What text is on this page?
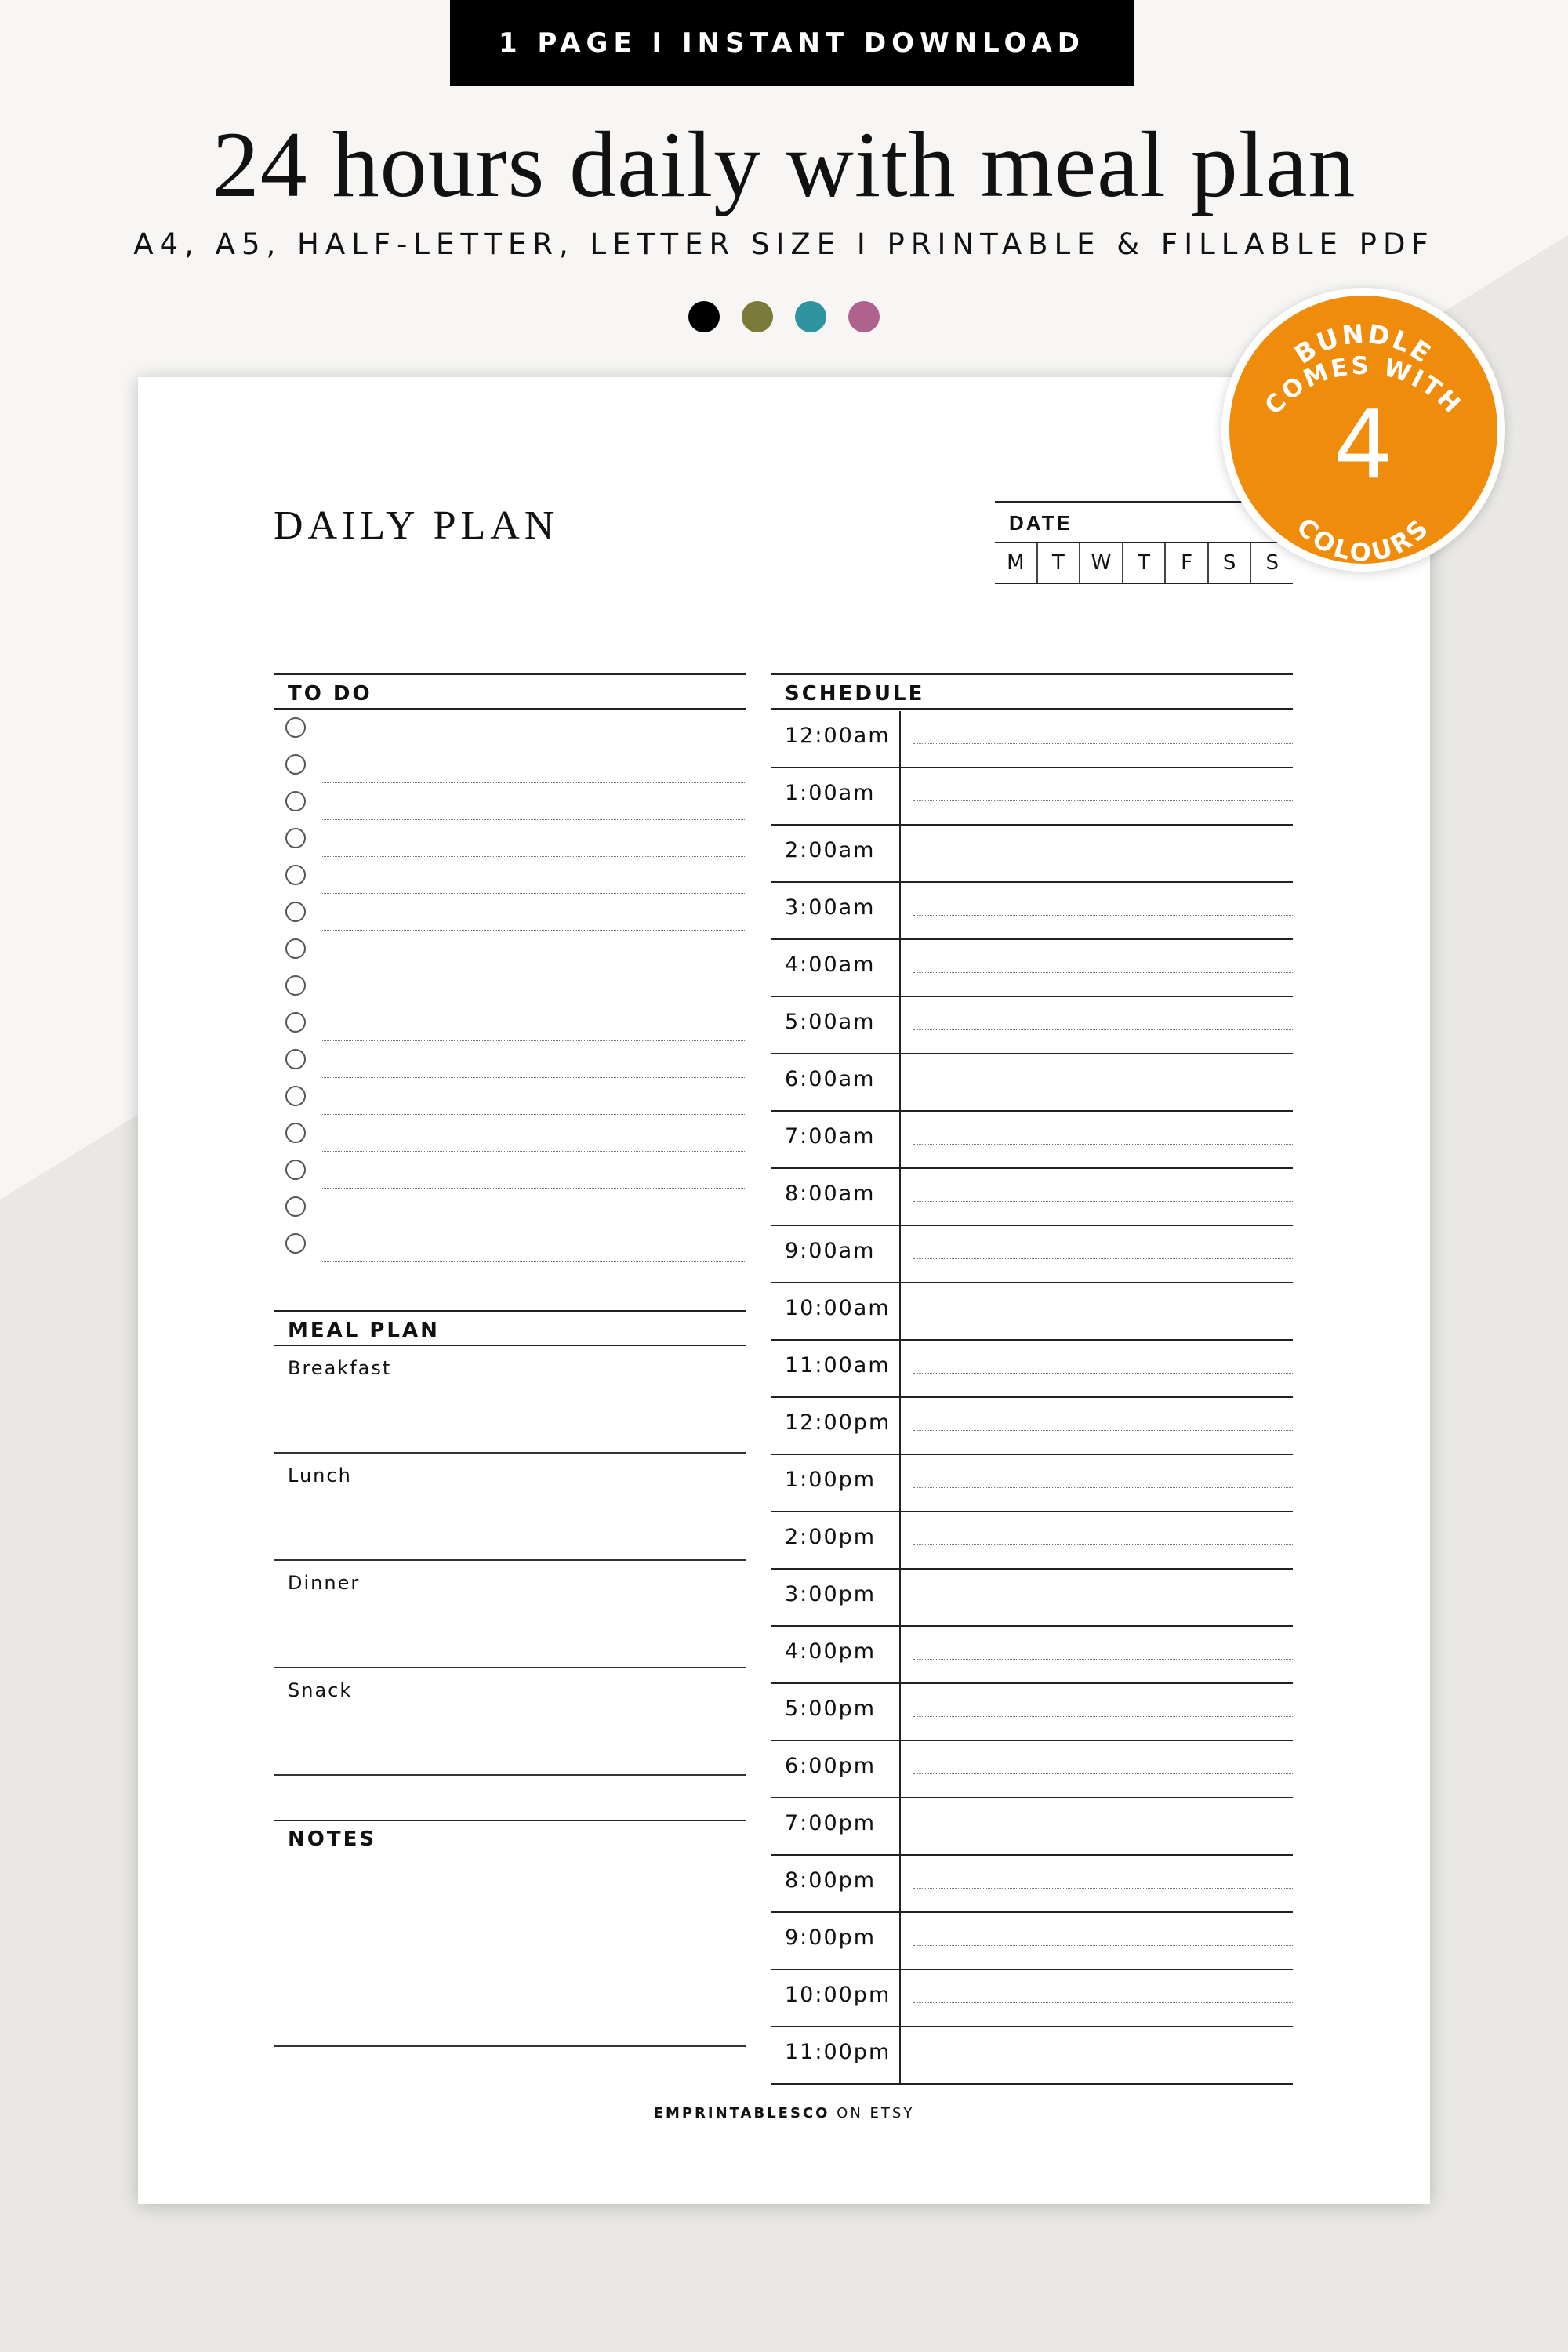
1 PAGE I INSTANT DOWNLOAD
24 hours daily with meal plan
A4, A5, HALF-LETTER, LETTER SIZE I PRINTABLE & FILLABLE PDF
DAILY PLAN	DATE
M	T	W	T	F	S	S
TO DO
MEAL PLAN
Breakfast
Lunch
Dinner
Snack
NOTES
SCHEDULE
12:00am
1:00am
2:00am
3:00am
4:00am
5:00am
6:00am
7:00am
8:00am
9:00am
10:00am
11:00am
12:00pm
1:00pm
2:00pm
3:00pm
4:00pm
5:00pm
6:00pm
7:00pm
8:00pm
9:00pm
10:00pm
11:00pm
EMPRINTABLESCO ON ETSY
BUNDLE
COMES WITH
4
COLOURS
